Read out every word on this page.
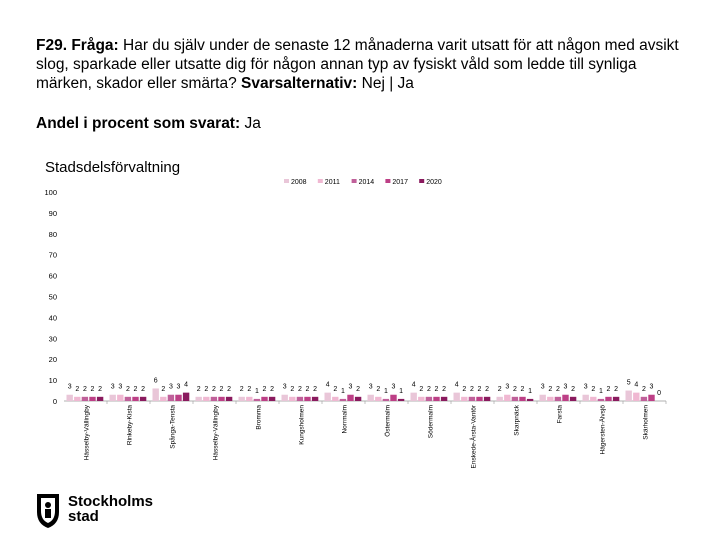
F29. Fråga: Har du själv under de senaste 12 månaderna varit utsatt för att någon med avsikt slog, sparkade eller utsatte dig för någon annan typ av fysiskt våld som ledde till synliga märken, skador eller smärta? Svarsalternativ: Nej | Ja

Andel i procent som svarat: Ja

Stadsdelsförvaltning

2008	2011	2014	2017	2020
0
10
20
30
40
50
60
70
80
90
100
3 2 2 2 2
Hässelby-Vällingby
3 3 2 2 2
Rinkeby-Kista
6
2 3 3 4
Spånga-Tensta
2 2 2 2 2
Hässelby-Vällingby
2 2 1 2 2
Bromma
3 2 2 2 2
Kungsholmen
4
2 1
3 2
Norrmalm
3 2 1
3
1
Östermalm
4
2 2 2 2
Södermalm
4
2 2 2 2
Enskede-Årsta-Vantör
2 3 2 2 1
Skarpnäck
3 2 2 3 2
Farsta
3 2 1 2 2
Hägersten-Älvsjö
5 4
2 3
0
Skärholmen
Stockholms
stad
